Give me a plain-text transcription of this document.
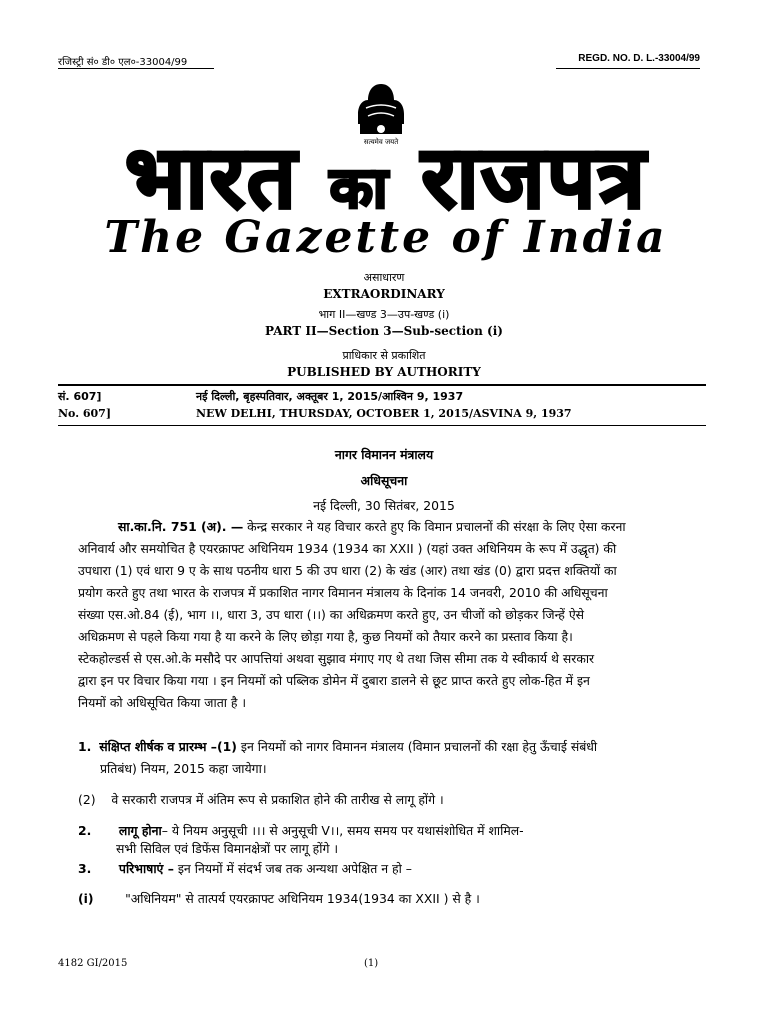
रजिस्ट्री सं० डी० एल०-33004/99	REGD. NO. D. L.-33004/99
सत्यमेव जयते
भारत का राजपत्र
The Gazette of India
असाधारण
EXTRAORDINARY
भाग II—खण्ड 3—उप-खण्ड (i)
PART II—Section 3—Sub-section (i)
प्राधिकार से प्रकाशित
PUBLISHED BY AUTHORITY
सं. 607]	नई दिल्ली, बृहस्पतिवार, अक्तूबर 1, 2015/आश्विन 9, 1937
No. 607]	NEW DELHI, THURSDAY, OCTOBER 1, 2015/ASVINA 9, 1937
नागर विमानन मंत्रालय
अधिसूचना
नई दिल्ली, 30 सितंबर, 2015
सा.का.नि. 751 (अ). — केन्द्र सरकार ने यह विचार करते हुए कि विमान प्रचालनों की संरक्षा के लिए ऐसा करना
अनिवार्य और समयोचित है एयरक्राफ्ट अधिनियम 1934 (1934 का XXII ) (यहां उक्त अधिनियम के रूप में उद्धृत) की
उपधारा (1) एवं धारा 9 ए के साथ पठनीय धारा 5 की उप धारा (2) के खंड (आर) तथा खंड (0) द्वारा प्रदत्त शक्तियों का
प्रयोग करते हुए तथा भारत के राजपत्र में प्रकाशित नागर विमानन मंत्रालय के दिनांक 14 जनवरी, 2010 की अधिसूचना
संख्या एस.ओ.84 (ई), भाग ।।, धारा 3, उप धारा (।।) का अधिक्रमण करते हुए, उन चीजों को छोड़कर जिन्हें ऐसे
अधिक्रमण से पहले किया गया है या करने के लिए छोड़ा गया है, कुछ नियमों को तैयार करने का प्रस्ताव किया है।
स्टेकहोल्डर्स से एस.ओ.के मसौदे पर आपत्तियां अथवा सुझाव मंगाए गए थे तथा जिस सीमा तक ये स्वीकार्य थे सरकार
द्वारा इन पर विचार किया गया । इन नियमों को पब्लिक डोमेन में दुबारा डालने से छूट प्राप्त करते हुए लोक-हित में इन
नियमों को अधिसूचित किया जाता है ।
1. संक्षिप्त शीर्षक व प्रारम्भ –(1) इन नियमों को नागर विमानन मंत्रालय (विमान प्रचालनों की रक्षा हेतु ऊँचाई संबंधी
प्रतिबंध) नियम, 2015 कहा जायेगा।
(2) वे सरकारी राजपत्र में अंतिम रूप से प्रकाशित होने की तारीख से लागू होंगे ।
2. लागू होना– ये नियम अनुसूची ।।। से अनुसूची V।।, समय समय पर यथासंशोधित में शामिल-
सभी सिविल एवं डिफेंस विमानक्षेत्रों पर लागू होंगे ।
3. परिभाषाएं – इन नियमों में संदर्भ जब तक अन्यथा अपेक्षित न हो –
(i)	"अधिनियम" से तात्पर्य एयरक्राफ्ट अधिनियम 1934(1934 का XXII ) से है ।
4182 GI/2015	(1)
